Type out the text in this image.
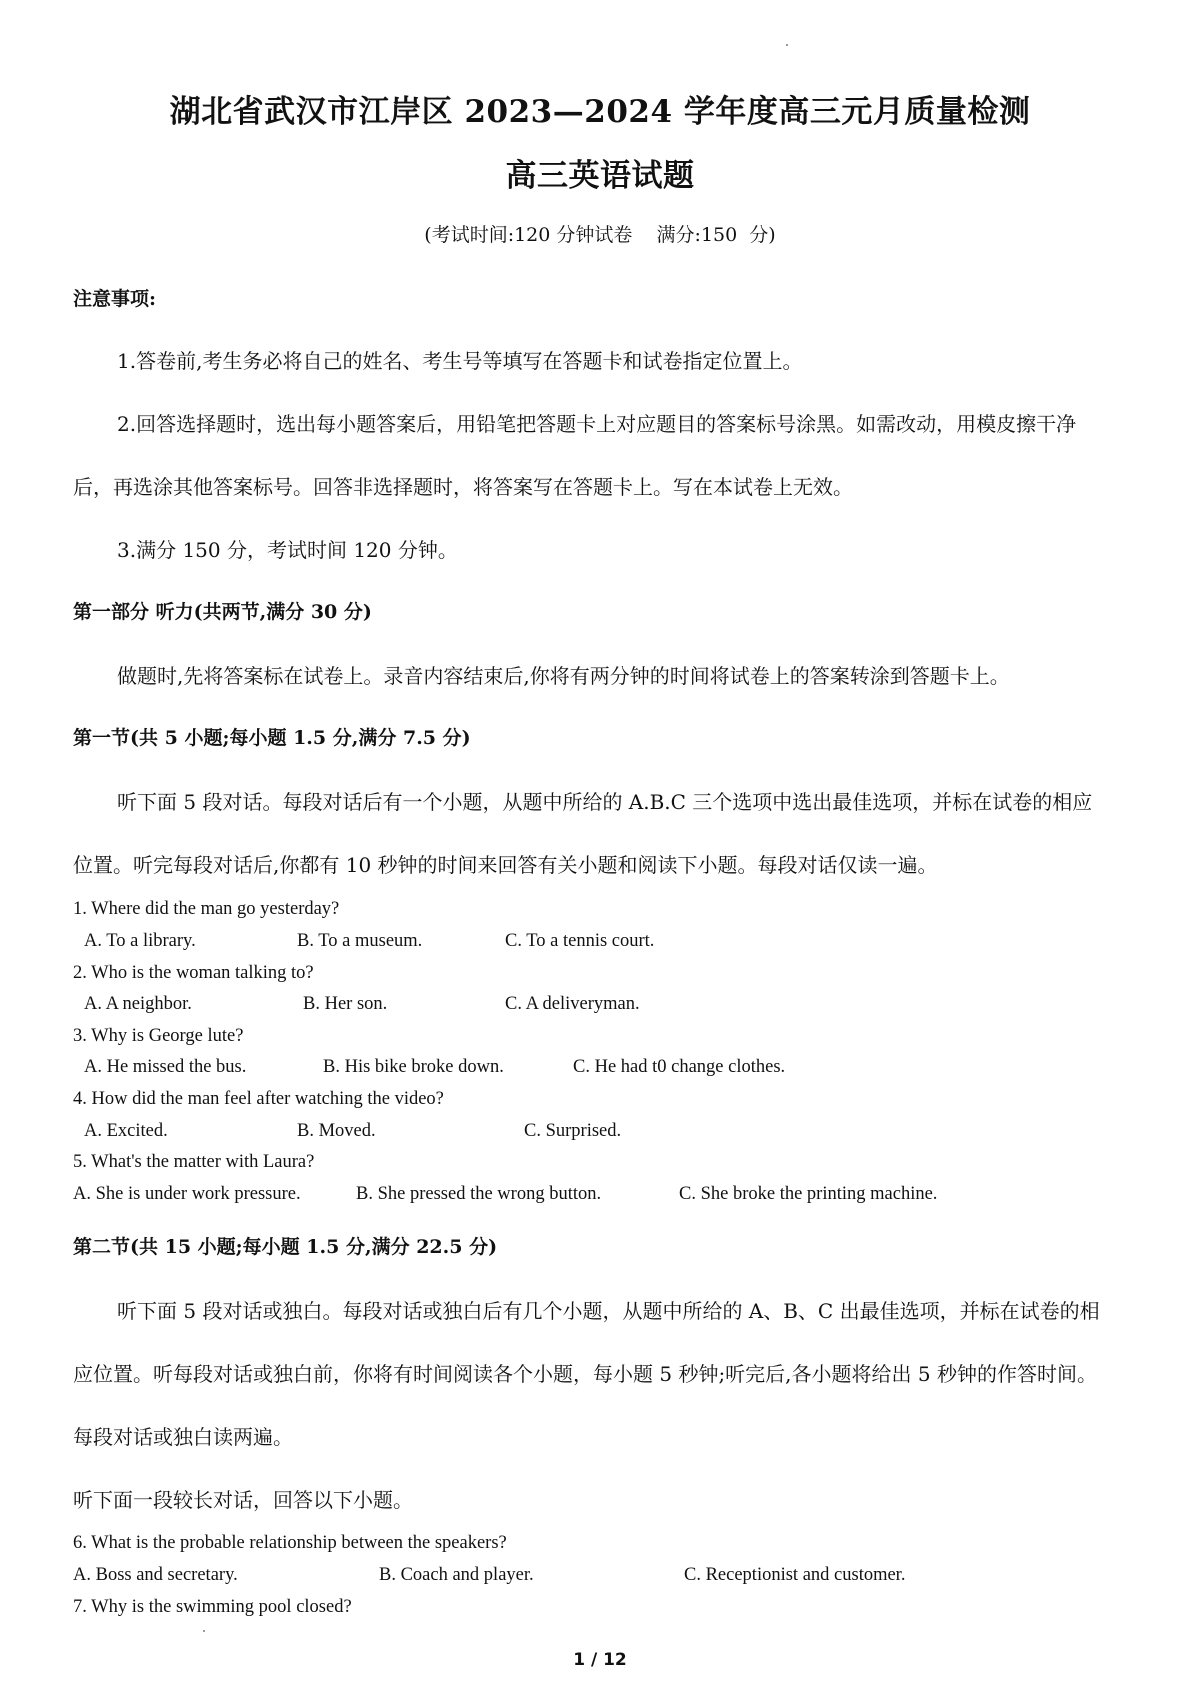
湖北省武汉市江岸区 2023—2024 学年度高三元月质量检测
高三英语试题
(考试时间:120 分钟试卷    满分:150  分)
注意事项:
1.答卷前,考生务必将自己的姓名、考生号等填写在答题卡和试卷指定位置上。
2.回答选择题时，选出每小题答案后，用铅笔把答题卡上对应题目的答案标号涂黑。如需改动，用模皮擦干净
后，再选涂其他答案标号。回答非选择题时，将答案写在答题卡上。写在本试卷上无效。
3.满分 150 分，考试时间 120 分钟。
第一部分 听力(共两节,满分 30 分)
做题时,先将答案标在试卷上。录音内容结束后,你将有两分钟的时间将试卷上的答案转涂到答题卡上。
第一节(共 5 小题;每小题 1.5 分,满分 7.5 分)
听下面 5 段对话。每段对话后有一个小题，从题中所给的 A.B.C 三个选项中选出最佳选项，并标在试卷的相应
位置。听完每段对话后,你都有 10 秒钟的时间来回答有关小题和阅读下小题。每段对话仅读一遍。
1. Where did the man go yesterday?
A. To a library.	B. To a museum.	C. To a tennis court.
2. Who is the woman talking to?
A. A neighbor.	B. Her son.	C. A deliveryman.
3. Why is George lute?
A. He missed the bus.	B. His bike broke down.	C. He had t0 change clothes.
4. How did the man feel after watching the video?
A. Excited.	B. Moved.	C. Surprised.
5. What's the matter with Laura?
A. She is under work pressure.	B. She pressed the wrong button.	C. She broke the printing machine.
第二节(共 15 小题;每小题 1.5 分,满分 22.5 分)
听下面 5 段对话或独白。每段对话或独白后有几个小题，从题中所给的 A、B、C 出最佳选项，并标在试卷的相
应位置。听每段对话或独白前，你将有时间阅读各个小题，每小题 5 秒钟;听完后,各小题将给出 5 秒钟的作答时间。
每段对话或独白读两遍。
听下面一段较长对话，回答以下小题。
6. What is the probable relationship between the speakers?
A. Boss and secretary.	B. Coach and player.	C. Receptionist and customer.
7. Why is the swimming pool closed?
1 / 12
